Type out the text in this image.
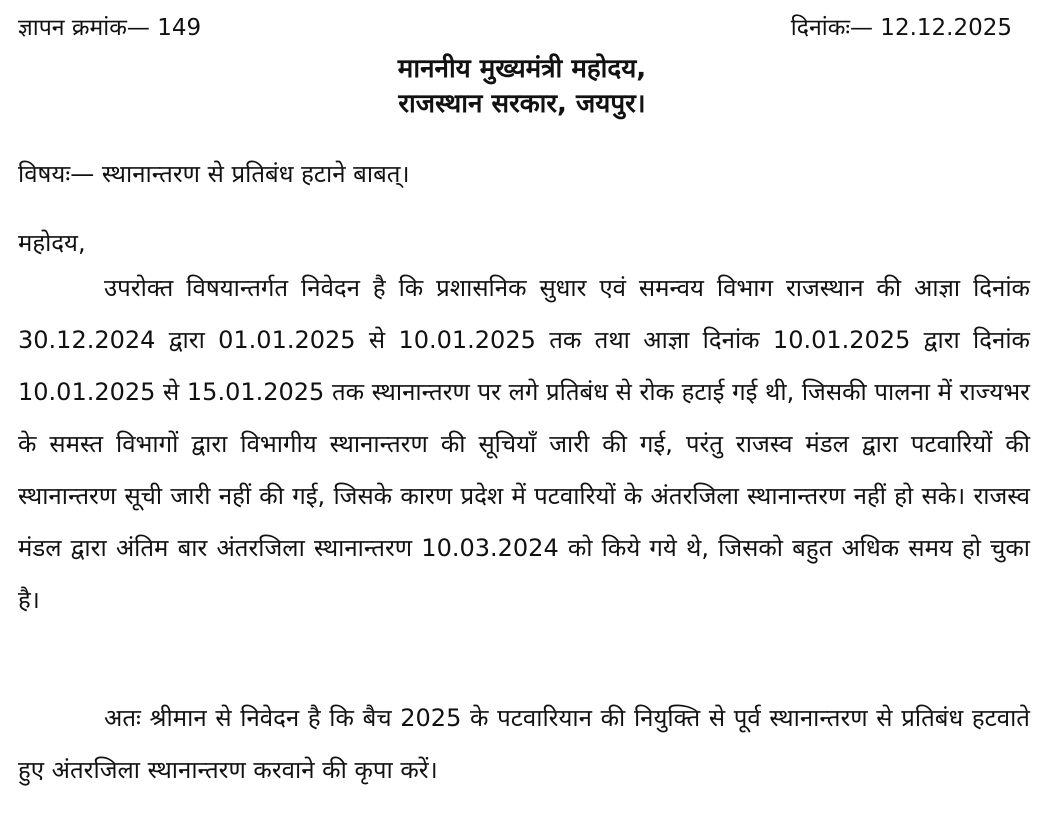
ज्ञापन क्रमांक— 149	दिनांकः— 12.12.2025
माननीय मुख्यमंत्री महोदय,
राजस्थान सरकार, जयपुर।
विषयः— स्थानान्तरण से प्रतिबंध हटाने बाबत्।
महोदय,

उपरोक्त विषयान्तर्गत निवेदन है कि प्रशासनिक सुधार एवं समन्वय विभाग राजस्थान की आज्ञा दिनांक 30.12.2024 द्वारा 01.01.2025 से 10.01.2025 तक तथा आज्ञा दिनांक 10.01.2025 द्वारा दिनांक 10.01.2025 से 15.01.2025 तक स्थानान्तरण पर लगे प्रतिबंध से रोक हटाई गई थी, जिसकी पालना में राज्यभर के समस्त विभागों द्वारा विभागीय स्थानान्तरण की सूचियाँ जारी की गई, परंतु राजस्व मंडल द्वारा पटवारियों की स्थानान्तरण सूची जारी नहीं की गई, जिसके कारण प्रदेश में पटवारियों के अंतरजिला स्थानान्तरण नहीं हो सके। राजस्व मंडल द्वारा अंतिम बार अंतरजिला स्थानान्तरण 10.03.2024 को किये गये थे, जिसको बहुत अधिक समय हो चुका है।

अतः श्रीमान से निवेदन है कि बैच 2025 के पटवारियान की नियुक्ति से पूर्व स्थानान्तरण से प्रतिबंध हटवाते हुए अंतरजिला स्थानान्तरण करवाने की कृपा करें।
